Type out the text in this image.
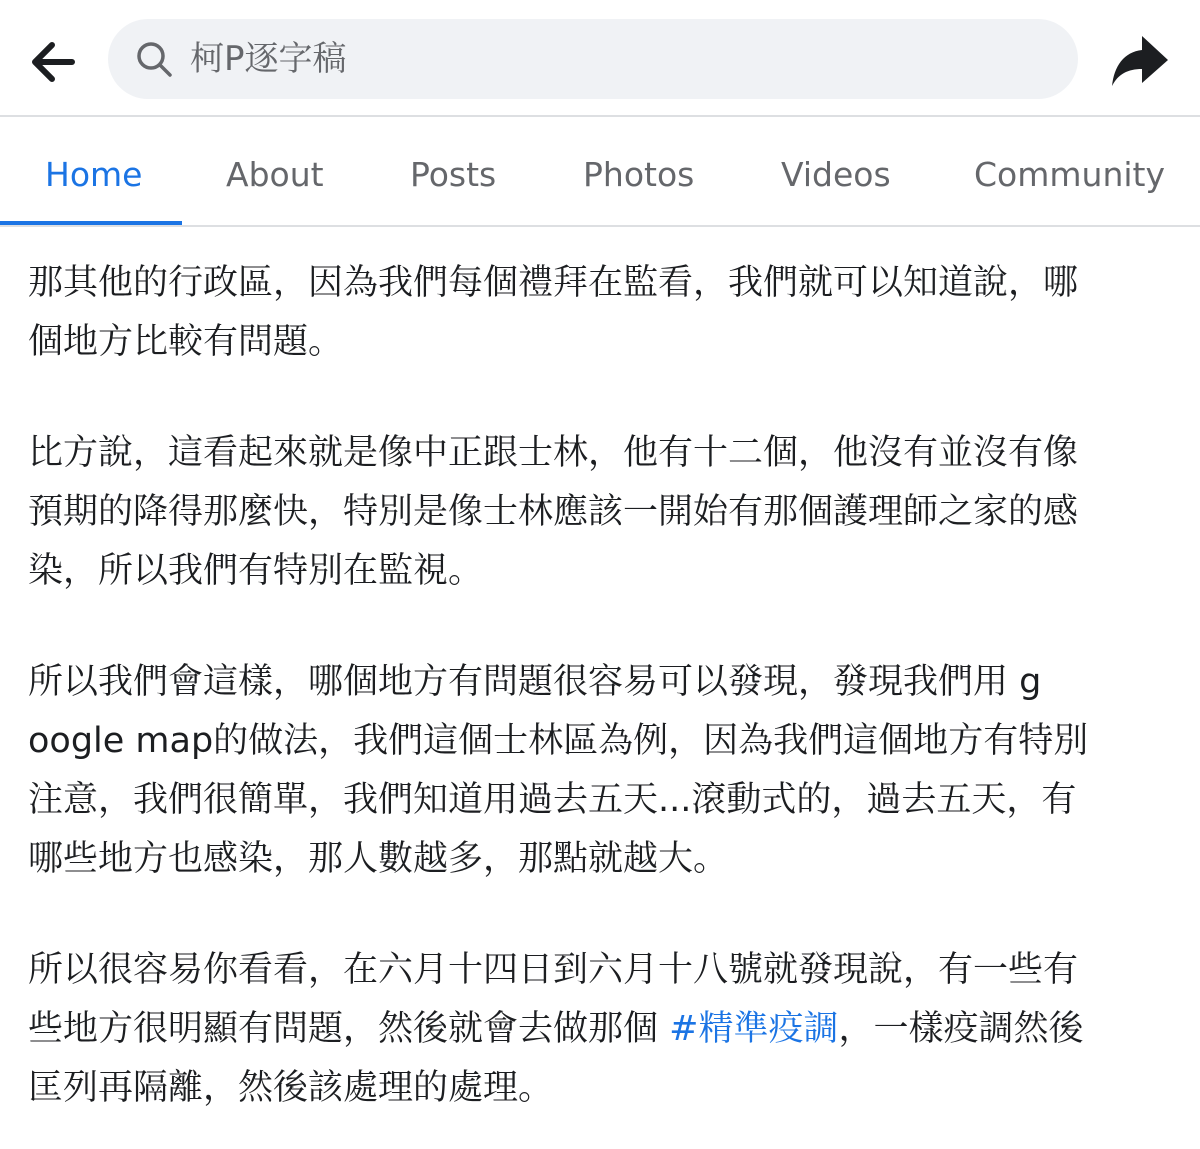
柯P逐字稿
Home	About	Posts	Photos	Videos	Community

那其他的行政區，因為我們每個禮拜在監看，我們就可以知道說，哪
個地方比較有問題。

比方說，這看起來就是像中正跟士林，他有十二個，他沒有並沒有像
預期的降得那麼快，特別是像士林應該一開始有那個護理師之家的感
染，所以我們有特別在監視。

所以我們會這樣，哪個地方有問題很容易可以發現，發現我們用 g
oogle map的做法，我們這個士林區為例，因為我們這個地方有特別
注意，我們很簡單，我們知道用過去五天...滾動式的，過去五天，有
哪些地方也感染，那人數越多，那點就越大。

所以很容易你看看，在六月十四日到六月十八號就發現說，有一些有
些地方很明顯有問題，然後就會去做那個 #精準疫調，一樣疫調然後
匡列再隔離，然後該處理的處理。
